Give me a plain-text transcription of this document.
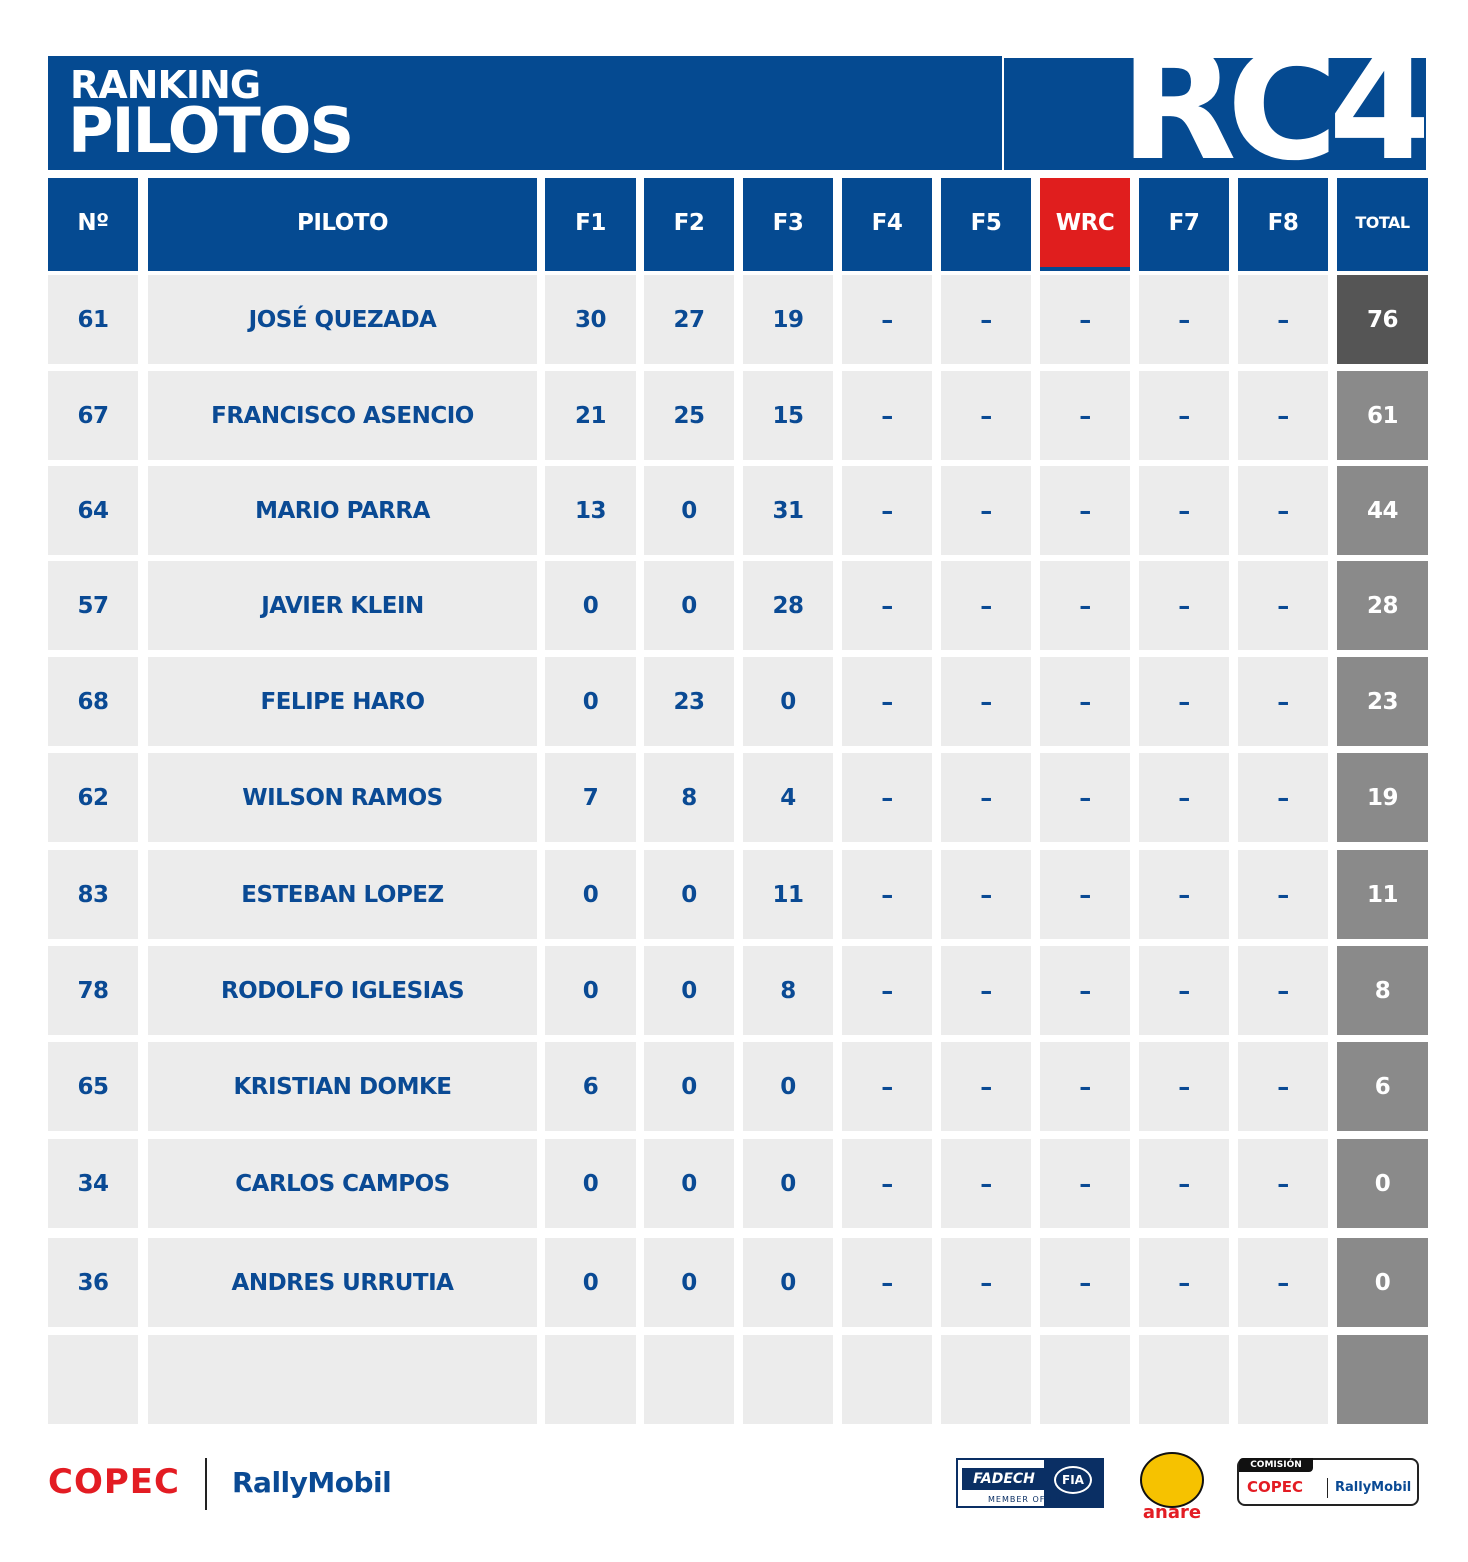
RANKING
PILOTOS	RC4
Nº	PILOTO	F1	F2	F3	F4	F5	WRC	F7	F8	TOTAL
61	JOSÉ QUEZADA	30	27	19	–	–	–	–	–	76
67	FRANCISCO ASENCIO	21	25	15	–	–	–	–	–	61
64	MARIO PARRA	13	0	31	–	–	–	–	–	44
57	JAVIER KLEIN	0	0	28	–	–	–	–	–	28
68	FELIPE HARO	0	23	0	–	–	–	–	–	23
62	WILSON RAMOS	7	8	4	–	–	–	–	–	19
83	ESTEBAN LOPEZ	0	0	11	–	–	–	–	–	11
78	RODOLFO IGLESIAS	0	0	8	–	–	–	–	–	8
65	KRISTIAN DOMKE	6	0	0	–	–	–	–	–	6
34	CARLOS CAMPOS	0	0	0	–	–	–	–	–	0
36	ANDRES URRUTIA	0	0	0	–	–	–	–	–	0
COPEC RallyMobil	FADECH	FIA
MEMBER OF FIA
anare
COMISIÓN
COPEC RallyMobil
